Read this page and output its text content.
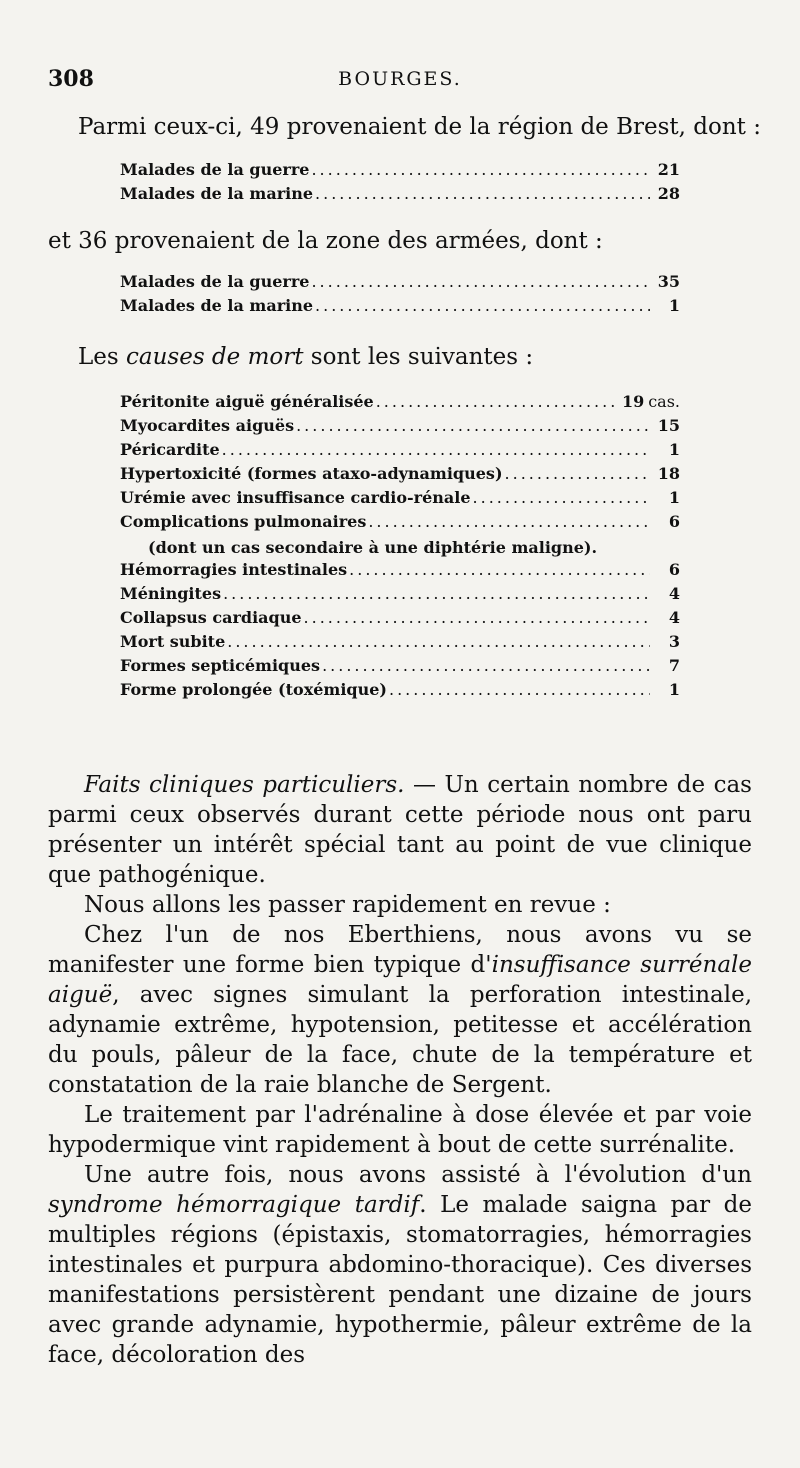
308	BOURGES.
Parmi ceux-ci, 49 provenaient de la région de Brest, dont :
Malades de la guerre .....	21
Malades de la marine .....	28
et 36 provenaient de la zone des armées, dont :
Malades de la guerre .....	35
Malades de la marine .....	1
Les causes de mort sont les suivantes :
Péritonite aiguë généralisée .....	19 cas.
Myocardites aiguës .....	15
Péricardite .....	1
Hypertoxicité (formes ataxo-adynamiques) .....	18
Urémie avec insuffisance cardio-rénale .....	1
Complications pulmonaires .....	6
(dont un cas secondaire à une diphtérie maligne).
Hémorragies intestinales .....	6
Méningites .....	4
Collapsus cardiaque .....	4
Mort subite .....	3
Formes septicémiques .....	7
Forme prolongée (toxémique) .....	1

Faits cliniques particuliers. — Un certain nombre de cas parmi ceux observés durant cette période nous ont paru présenter un intérêt spécial tant au point de vue clinique que pathogénique.

Nous allons les passer rapidement en revue :

Chez l'un de nos Eberthiens, nous avons vu se manifester une forme bien typique d'insuffisance surrénale aiguë, avec signes simulant la perforation intestinale, adynamie extrême, hypotension, petitesse et accélération du pouls, pâleur de la face, chute de la température et constatation de la raie blanche de Sergent.

Le traitement par l'adrénaline à dose élevée et par voie hypodermique vint rapidement à bout de cette surrénalite.

Une autre fois, nous avons assisté à l'évolution d'un syndrome hémorragique tardif. Le malade saigna par de multiples régions (épistaxis, stomatorragies, hémorragies intestinales et purpura abdomino-thoracique). Ces diverses manifestations persistèrent pendant une dizaine de jours avec grande adynamie, hypothermie, pâleur extrême de la face, décoloration des
